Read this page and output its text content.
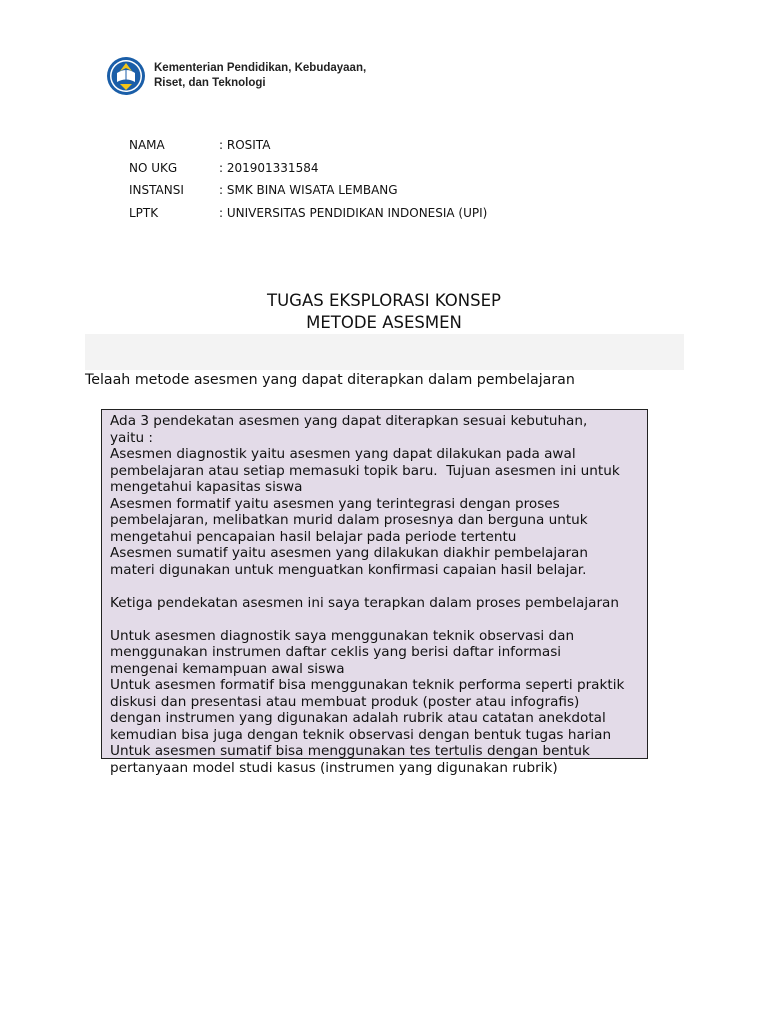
Kementerian Pendidikan, Kebudayaan,
Riset, dan Teknologi
NAMA	: ROSITA
NO UKG	: 201901331584
INSTANSI	: SMK BINA WISATA LEMBANG
LPTK	: UNIVERSITAS PENDIDIKAN INDONESIA (UPI)
TUGAS EKSPLORASI KONSEP
METODE ASESMEN
Telaah metode asesmen yang dapat diterapkan dalam pembelajaran

Ada 3 pendekatan asesmen yang dapat diterapkan sesuai kebutuhan,

yaitu :

Asesmen diagnostik yaitu asesmen yang dapat dilakukan pada awal

pembelajaran atau setiap memasuki topik baru.  Tujuan asesmen ini untuk

mengetahui kapasitas siswa

Asesmen formatif yaitu asesmen yang terintegrasi dengan proses

pembelajaran, melibatkan murid dalam prosesnya dan berguna untuk

mengetahui pencapaian hasil belajar pada periode tertentu

Asesmen sumatif yaitu asesmen yang dilakukan diakhir pembelajaran

materi digunakan untuk menguatkan konfirmasi capaian hasil belajar.

Ketiga pendekatan asesmen ini saya terapkan dalam proses pembelajaran

Untuk asesmen diagnostik saya menggunakan teknik observasi dan

menggunakan instrumen daftar ceklis yang berisi daftar informasi

mengenai kemampuan awal siswa

Untuk asesmen formatif bisa menggunakan teknik performa seperti praktik

diskusi dan presentasi atau membuat produk (poster atau infografis)

dengan instrumen yang digunakan adalah rubrik atau catatan anekdotal

kemudian bisa juga dengan teknik observasi dengan bentuk tugas harian

Untuk asesmen sumatif bisa menggunakan tes tertulis dengan bentuk

pertanyaan model studi kasus (instrumen yang digunakan rubrik)
